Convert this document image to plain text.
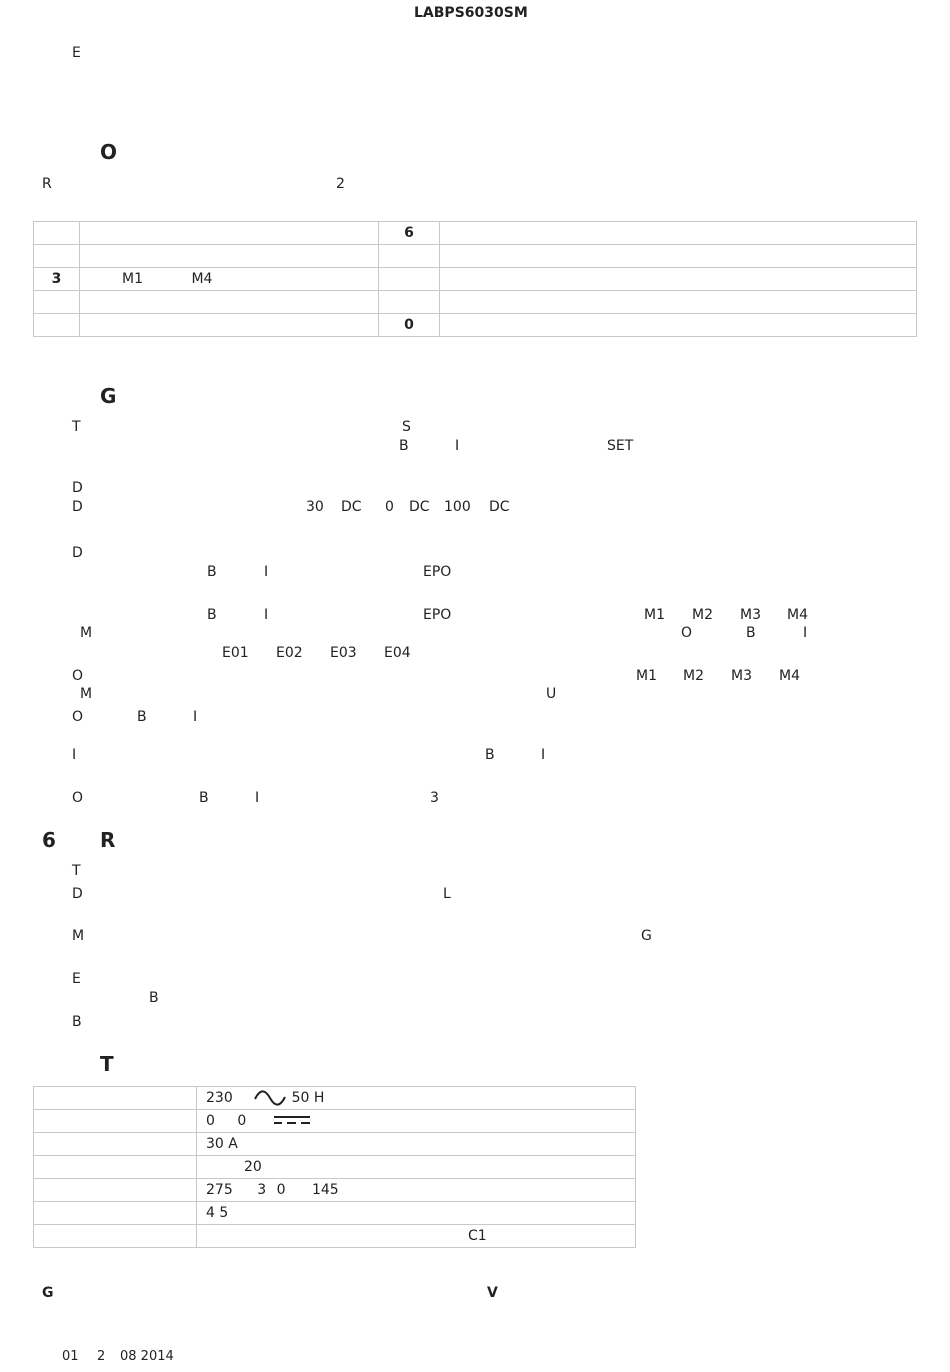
LABPS6030SM
E
O
R	2
		6	

3	M1 M4		

		0	
G
T	S
B	I	SET
D
D	30 DC 0 DC 100 DC
D
B	I	EPO
B	I	EPO	M1 M2 M3 M4
M	O	B	I
E01 E02 E03 E04
O	M1 M2 M3 M4
M	U
O	B	I
I	B	I
O	B	I	3
6 R
T
D	L
M	G
E
B
B
T
	230 50 H
	0 0
	30 A
	20
	275 3 0 145
	4 5
	C1
G	V
01 2 08 2014
